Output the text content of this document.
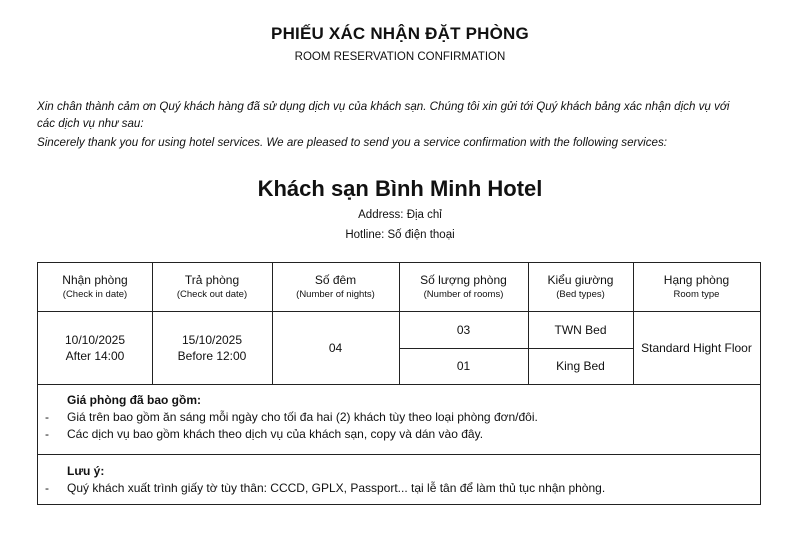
PHIẾU XÁC NHẬN ĐẶT PHÒNG
ROOM RESERVATION CONFIRMATION
Xin chân thành cảm ơn Quý khách hàng đã sử dụng dịch vụ của khách sạn. Chúng tôi xin gửi tới Quý khách bảng xác nhận dịch vụ với
các dịch vụ như sau:
Sincerely thank you for using hotel services. We are pleased to send you a service confirmation with the following services:
Khách sạn Bình Minh Hotel
Address: Địa chỉ
Hotline: Số điện thoại
Nhận phòng
(Check in date)
Trả phòng
(Check out date)
Số đêm
(Number of nights)
Số lượng phòng
(Number of rooms)
Kiểu giường
(Bed types)
Hạng phòng
Room type
10/10/2025
After 14:00
15/10/2025
Before 12:00
04
03	TWN Bed
01	King Bed
Standard Hight Floor
Giá phòng đã bao gồm:
- Giá trên bao gồm ăn sáng mỗi ngày cho tối đa hai (2) khách tùy theo loại phòng đơn/đôi.
- Các dịch vụ bao gồm khách theo dịch vụ của khách sạn, copy và dán vào đây.
Lưu ý:
- Quý khách xuất trình giấy tờ tùy thân: CCCD, GPLX, Passport... tại lễ tân để làm thủ tục nhận phòng.
